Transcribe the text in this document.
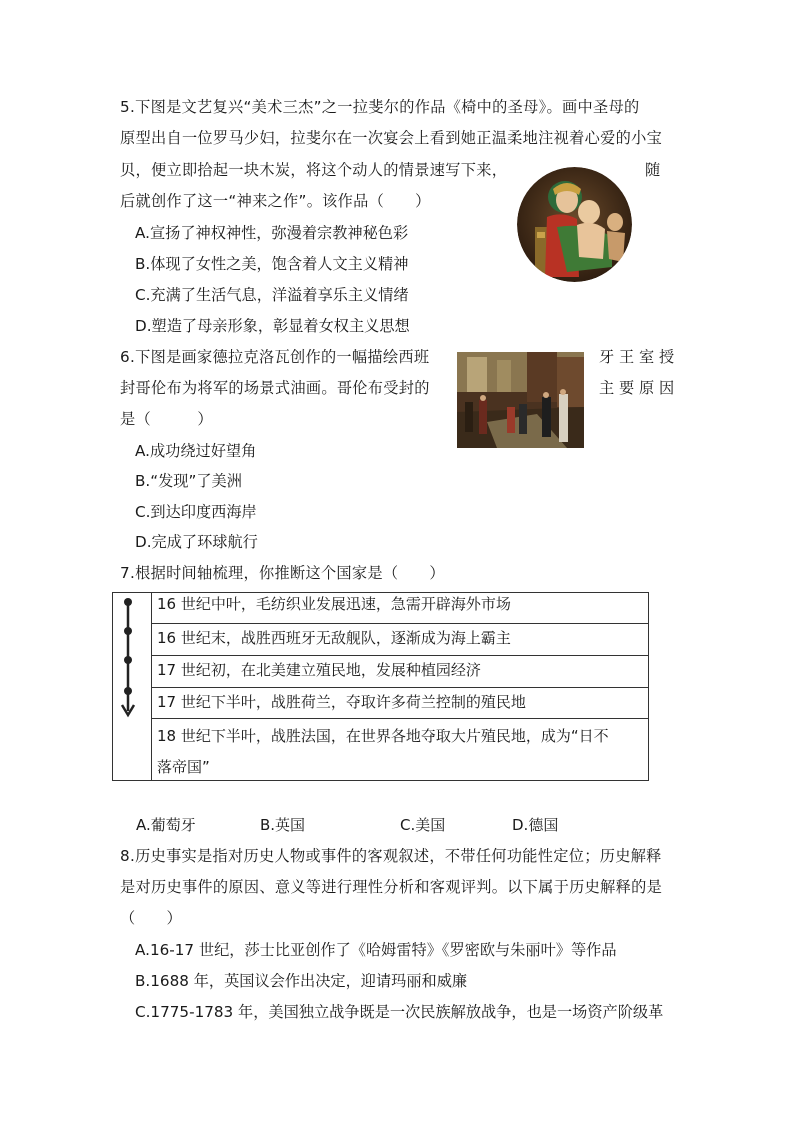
5.下图是文艺复兴“美术三杰”之一拉斐尔的作品《椅中的圣母》。画中圣母的
原型出自一位罗马少妇，拉斐尔在一次宴会上看到她正温柔地注视着心爱的小宝
贝，便立即拾起一块木炭，将这个动人的情景速写下来，	随
后就创作了这一“神来之作”。该作品（　　）
A.宣扬了神权神性，弥漫着宗教神秘色彩
B.体现了女性之美，饱含着人文主义精神
C.充满了生活气息，洋溢着享乐主义情绪
D.塑造了母亲形象，彰显着女权主义思想
6.下图是画家德拉克洛瓦创作的一幅描绘西班	牙 王 室 授
封哥伦布为将军的场景式油画。哥伦布受封的	主 要 原 因
是（　　　）
A.成功绕过好望角
B.“发现”了美洲
C.到达印度西海岸
D.完成了环球航行
7.根据时间轴梳理，你推断这个国家是（　　）
16 世纪中叶，毛纺织业发展迅速，急需开辟海外市场
16 世纪末，战胜西班牙无敌舰队，逐渐成为海上霸主
17 世纪初，在北美建立殖民地，发展种植园经济
17 世纪下半叶，战胜荷兰，夺取许多荷兰控制的殖民地
18 世纪下半叶，战胜法国，在世界各地夺取大片殖民地，成为“日不
落帝国”
A.葡萄牙	B.英国	C.美国	D.德国
8.历史事实是指对历史人物或事件的客观叙述，不带任何功能性定位；历史解释
是对历史事件的原因、意义等进行理性分析和客观评判。以下属于历史解释的是
（　　）
A.16-17 世纪，莎士比亚创作了《哈姆雷特》《罗密欧与朱丽叶》等作品
B.1688 年，英国议会作出决定，迎请玛丽和威廉
C.1775-1783 年，美国独立战争既是一次民族解放战争，也是一场资产阶级革
